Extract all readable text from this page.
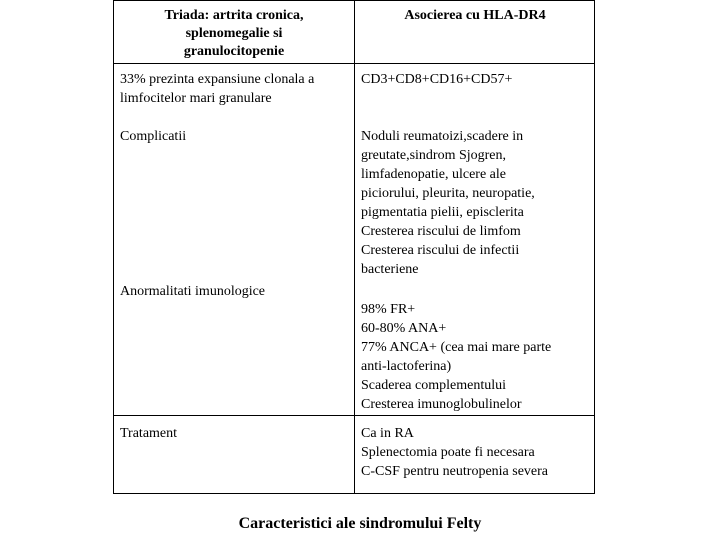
Triada: artrita cronica,
splenomegalie si
granulocitopenie
Asocierea cu HLA-DR4
33% prezinta expansiune clonala a
limfocitelor mari granulare
CD3+CD8+CD16+CD57+
Complicatii
Anormalitati imunologice
Noduli reumatoizi,scadere in
greutate,sindrom Sjogren,
limfadenopatie, ulcere ale
piciorului, pleurita, neuropatie,
pigmentatia pielii, episclerita
Cresterea riscului de limfom
Cresterea riscului de infectii
bacteriene
98% FR+
60-80% ANA+
77% ANCA+ (cea mai mare parte
anti-lactoferina)
Scaderea complementului
Cresterea imunoglobulinelor
Tratament	Ca in RA
Splenectomia poate fi necesara
C-CSF pentru neutropenia severa
Caracteristici ale sindromului Felty
